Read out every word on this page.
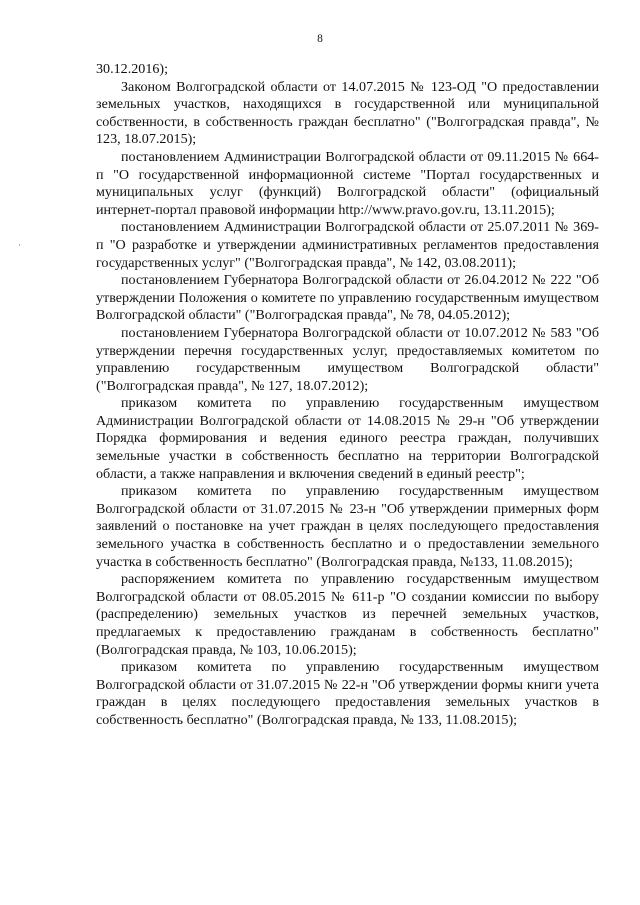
8
·

30.12.2016);

Законом Волгоградской области от 14.07.2015 № 123-ОД "О предоставлении земельных участков, находящихся в государственной или муниципальной собственности, в собственность граждан бесплатно" ("Волгоградская правда", № 123, 18.07.2015);

постановлением Администрации Волгоградской области от 09.11.2015 № 664-п "О государственной информационной системе "Портал государственных и муниципальных услуг (функций) Волгоградской области" (официальный интернет-портал правовой информации http://www.pravo.gov.ru, 13.11.2015);

постановлением Администрации Волгоградской области от 25.07.2011 № 369-п "О разработке и утверждении административных регламентов предоставления государственных услуг" ("Волгоградская правда", № 142, 03.08.2011);

постановлением Губернатора Волгоградской области от 26.04.2012 № 222 "Об утверждении Положения о комитете по управлению государственным имуществом Волгоградской области" ("Волгоградская правда", № 78, 04.05.2012);

постановлением Губернатора Волгоградской области от 10.07.2012 № 583 "Об утверждении перечня государственных услуг, предоставляемых комитетом по управлению государственным имуществом Волгоградской области" ("Волгоградская правда", № 127, 18.07.2012);

приказом комитета по управлению государственным имуществом Администрации Волгоградской области от 14.08.2015 № 29-н "Об утверждении Порядка формирования и ведения единого реестра граждан, получивших земельные участки в собственность бесплатно на территории Волгоградской области, а также направления и включения сведений в единый реестр";

приказом комитета по управлению государственным имуществом Волгоградской области от 31.07.2015 № 23-н "Об утверждении примерных форм заявлений о постановке на учет граждан в целях последующего предоставления земельного участка в собственность бесплатно и о предоставлении земельного участка в собственность бесплатно" (Волгоградская правда, №133, 11.08.2015);

распоряжением комитета по управлению государственным имуществом Волгоградской области от 08.05.2015 № 611-р "О создании комиссии по выбору (распределению) земельных участков из перечней земельных участков, предлагаемых к предоставлению гражданам в собственность бесплатно" (Волгоградская правда, № 103, 10.06.2015);

приказом комитета по управлению государственным имуществом Волгоградской области от 31.07.2015 № 22-н "Об утверждении формы книги учета граждан в целях последующего предоставления земельных участков в собственность бесплатно" (Волгоградская правда, № 133, 11.08.2015);
